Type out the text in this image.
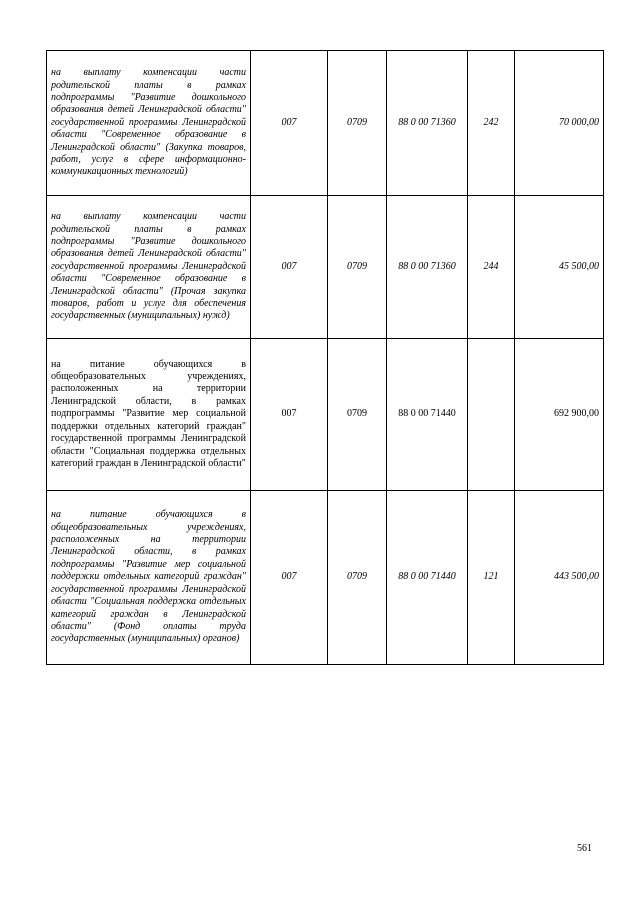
на выплату компенсации части родительской платы в рамках подпрограммы "Развитие дошкольного образования детей Ленинградской области" государственной программы Ленинградской области "Современное образование в Ленинградской области" (Закупка товаров, работ, услуг в сфере информационно-коммуникационных технологий)	007	0709	88 0 00 71360	242	70 000,00
на выплату компенсации части родительской платы в рамках подпрограммы "Развитие дошкольного образования детей Ленинградской области" государственной программы Ленинградской области "Современное образование в Ленинградской области" (Прочая закупка товаров, работ и услуг для обеспечения государственных (муниципальных) нужд)	007	0709	88 0 00 71360	244	45 500,00
на питание обучающихся в общеобразовательных учреждениях, расположенных на территории Ленинградской области, в рамках подпрограммы "Развитие мер социальной поддержки отдельных категорий граждан" государственной программы Ленинградской области "Социальная поддержка отдельных категорий граждан в Ленинградской области"	007	0709	88 0 00 71440		692 900,00
на питание обучающихся в общеобразовательных учреждениях, расположенных на территории Ленинградской области, в рамках подпрограммы "Развитие мер социальной поддержки отдельных категорий граждан" государственной программы Ленинградской области "Социальная поддержка отдельных категорий граждан в Ленинградской области" (Фонд оплаты труда государственных (муниципальных) органов)	007	0709	88 0 00 71440	121	443 500,00
561
